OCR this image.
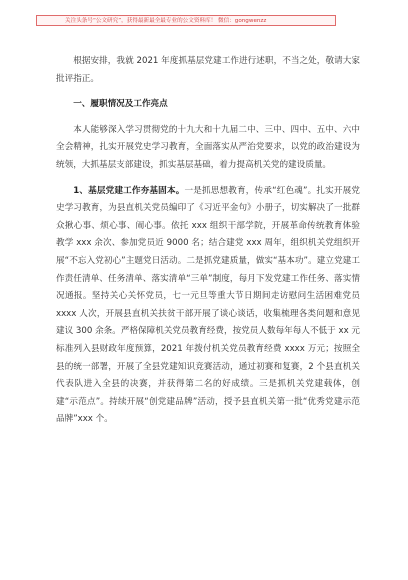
关注头条号“公文研究”，获得最新最全最专业的公文资料库！ 微信：gongwenzz

根据安排，我就 2021 年度抓基层党建工作进行述职，不当之处，敬请大家批评指正。

一、履职情况及工作亮点

本人能够深入学习贯彻党的十九大和十九届二中、三中、四中、五中、六中全会精神，扎实开展党史学习教育，全面落实从严治党要求，以党的政治建设为统领，大抓基层支部建设，抓实基层基础，着力提高机关党的建设质量。

1、基层党建工作夯基固本。一是抓思想教育，传承“红色魂”。扎实开展党史学习教育，为县直机关党员编印了《习近平金句》小册子，切实解决了一批群众揪心事、烦心事、闹心事。依托 xxx 组织干部学院，开展革命传统教育体验教学 xxx 余次、参加党员近 9000 名；结合建党 xxx 周年，组织机关党组织开展“不忘入党初心”主题党日活动。二是抓党建质量，做实“基本功”。建立党建工作责任清单、任务清单、落实清单“三单”制度，每月下发党建工作任务、落实情况通报。坚持关心关怀党员，七一元旦等重大节日期间走访慰问生活困难党员 xxxx 人次，开展县直机关扶贫干部开展了谈心谈话，收集梳理各类问题和意见建议 300 余条。严格保障机关党员教育经费，按党员人数每年每人不低于 xx 元标准列入县财政年度预算，2021 年拨付机关党员教育经费 xxxx 万元；按照全县的统一部署，开展了全县党建知识竞赛活动，通过初赛和复赛，2 个县直机关代表队进入全县的决赛，并获得第二名的好成绩。三是抓机关党建载体，创建“示范点”。持续开展“创党建品牌”活动，授予县直机关第一批“优秀党建示范品牌”xxx 个。
